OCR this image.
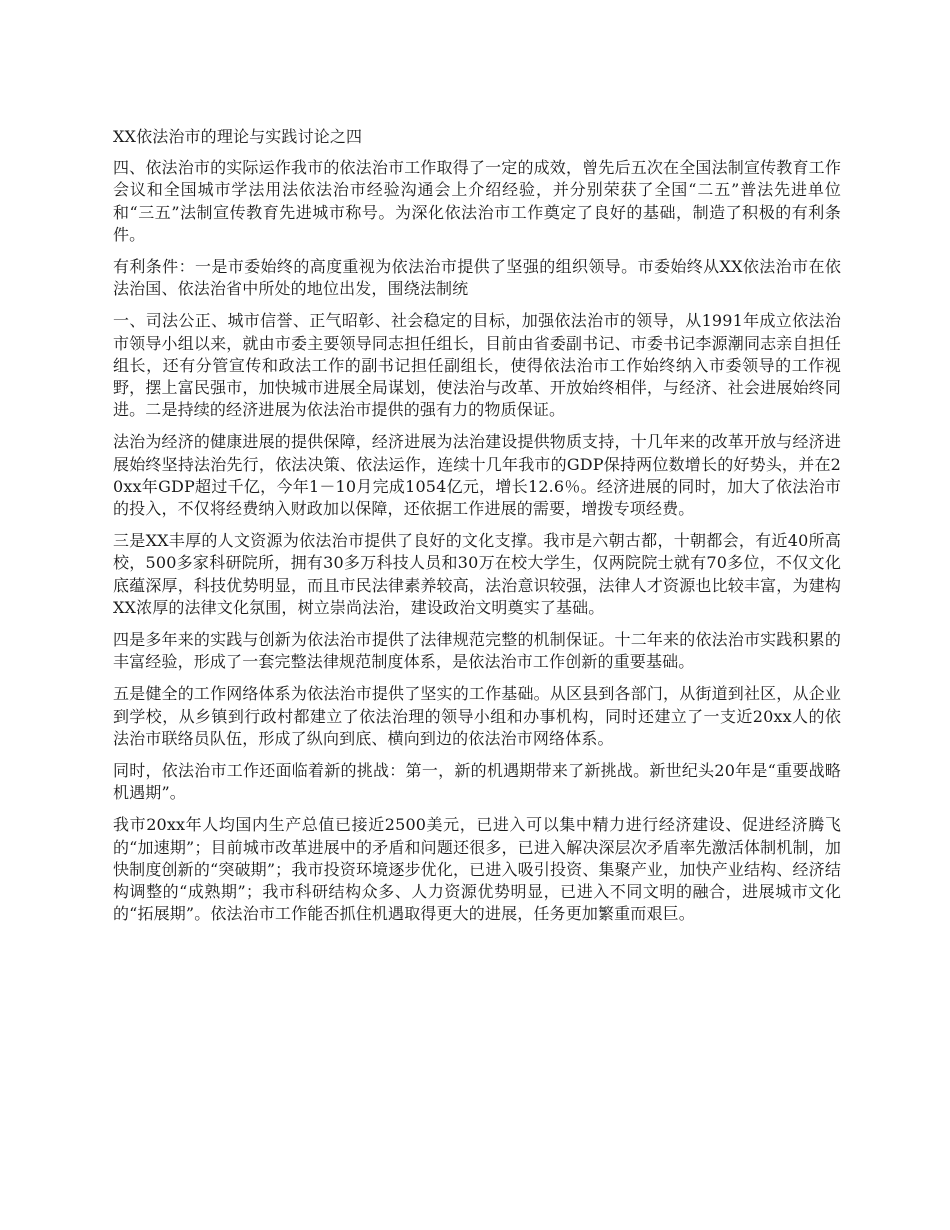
XX依法治市的理论与实践讨论之四

四、依法治市的实际运作我市的依法治市工作取得了一定的成效，曾先后五次在全国法制宣传教育工作会议和全国城市学法用法依法治市经验沟通会上介绍经验，并分别荣获了全国“二五”普法先进单位和“三五”法制宣传教育先进城市称号。为深化依法治市工作奠定了良好的基础，制造了积极的有利条件。

有利条件：一是市委始终的高度重视为依法治市提供了坚强的组织领导。市委始终从XX依法治市在依法治国、依法治省中所处的地位出发，围绕法制统

一、司法公正、城市信誉、正气昭彰、社会稳定的目标，加强依法治市的领导，从1991年成立依法治市领导小组以来，就由市委主要领导同志担任组长，目前由省委副书记、市委书记李源潮同志亲自担任组长，还有分管宣传和政法工作的副书记担任副组长，使得依法治市工作始终纳入市委领导的工作视野，摆上富民强市，加快城市进展全局谋划，使法治与改革、开放始终相伴，与经济、社会进展始终同进。二是持续的经济进展为依法治市提供的强有力的物质保证。

法治为经济的健康进展的提供保障，经济进展为法治建设提供物质支持，十几年来的改革开放与经济进展始终坚持法治先行，依法决策、依法运作，连续十几年我市的GDP保持两位数增长的好势头，并在20xx年GDP超过千亿，今年1－10月完成1054亿元，增长12.6％。经济进展的同时，加大了依法治市的投入，不仅将经费纳入财政加以保障，还依据工作进展的需要，增拨专项经费。

三是XX丰厚的人文资源为依法治市提供了良好的文化支撑。我市是六朝古都，十朝都会，有近40所高校，500多家科研院所，拥有30多万科技人员和30万在校大学生，仅两院院士就有70多位，不仅文化底蕴深厚，科技优势明显，而且市民法律素养较高，法治意识较强，法律人才资源也比较丰富，为建构XX浓厚的法律文化氛围，树立崇尚法治，建设政治文明奠实了基础。

四是多年来的实践与创新为依法治市提供了法律规范完整的机制保证。十二年来的依法治市实践积累的丰富经验，形成了一套完整法律规范制度体系，是依法治市工作创新的重要基础。

五是健全的工作网络体系为依法治市提供了坚实的工作基础。从区县到各部门，从街道到社区，从企业到学校，从乡镇到行政村都建立了依法治理的领导小组和办事机构，同时还建立了一支近20xx人的依法治市联络员队伍，形成了纵向到底、横向到边的依法治市网络体系。

同时，依法治市工作还面临着新的挑战：第一，新的机遇期带来了新挑战。新世纪头20年是“重要战略机遇期”。

我市20xx年人均国内生产总值已接近2500美元，已进入可以集中精力进行经济建设、促进经济腾飞的“加速期”；目前城市改革进展中的矛盾和问题还很多，已进入解决深层次矛盾率先激活体制机制，加快制度创新的“突破期”；我市投资环境逐步优化，已进入吸引投资、集聚产业，加快产业结构、经济结构调整的“成熟期”；我市科研结构众多、人力资源优势明显，已进入不同文明的融合，进展城市文化的“拓展期”。依法治市工作能否抓住机遇取得更大的进展，任务更加繁重而艰巨。
